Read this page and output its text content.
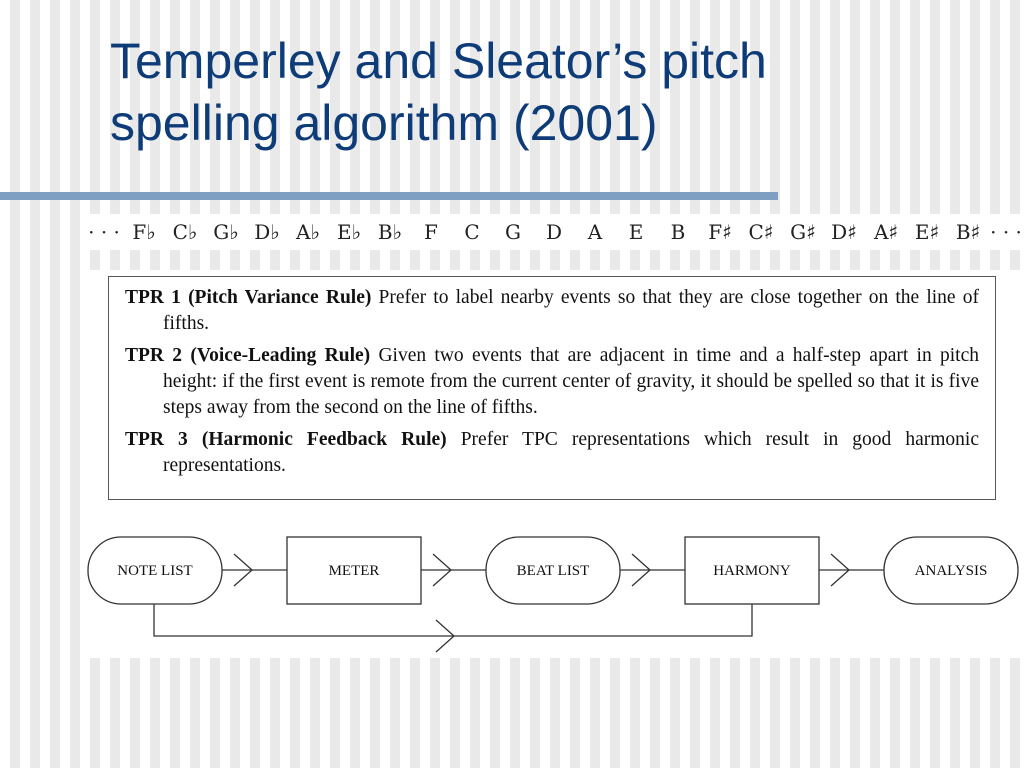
Temperley and Sleator’s pitch
spelling algorithm (2001)
· · · F♭ C♭ G♭ D♭ A♭ E♭ B♭ F C G D A E B F♯ C♯ G♯ D♯ A♯ E♯ B♯ · · ·

TPR 1 (Pitch Variance Rule) Prefer to label nearby events so that they are close together on the line of fifths.

TPR 2 (Voice-Leading Rule) Given two events that are adjacent in time and a half-step apart in pitch height: if the first event is remote from the current center of gravity, it should be spelled so that it is five steps away from the second on the line of fifths.

TPR 3 (Harmonic Feedback Rule) Prefer TPC representations which result in good harmonic representations.

NOTE LIST	METER	BEAT LIST	HARMONY	ANALYSIS
